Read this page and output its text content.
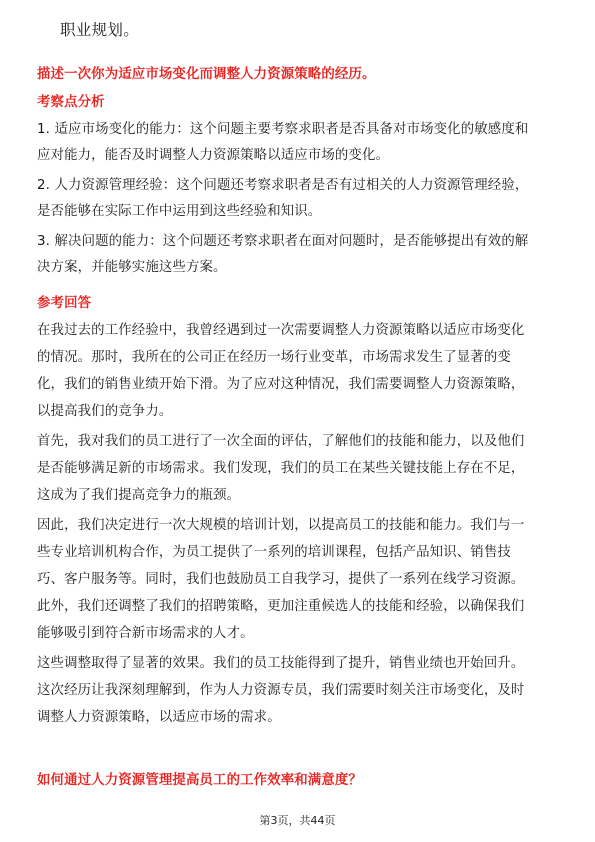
职业规划。
描述一次你为适应市场变化而调整人力资源策略的经历。
考察点分析
1. 适应市场变化的能力：这个问题主要考察求职者是否具备对市场变化的敏感度和
应对能力，能否及时调整人力资源策略以适应市场的变化。
2. 人力资源管理经验：这个问题还考察求职者是否有过相关的人力资源管理经验，
是否能够在实际工作中运用到这些经验和知识。
3. 解决问题的能力：这个问题还考察求职者在面对问题时，是否能够提出有效的解
决方案，并能够实施这些方案。
参考回答
在我过去的工作经验中，我曾经遇到过一次需要调整人力资源策略以适应市场变化
的情况。那时，我所在的公司正在经历一场行业变革，市场需求发生了显著的变
化，我们的销售业绩开始下滑。为了应对这种情况，我们需要调整人力资源策略，
以提高我们的竞争力。
首先，我对我们的员工进行了一次全面的评估，了解他们的技能和能力，以及他们
是否能够满足新的市场需求。我们发现，我们的员工在某些关键技能上存在不足，
这成为了我们提高竞争力的瓶颈。
因此，我们决定进行一次大规模的培训计划，以提高员工的技能和能力。我们与一
些专业培训机构合作，为员工提供了一系列的培训课程，包括产品知识、销售技
巧、客户服务等。同时，我们也鼓励员工自我学习，提供了一系列在线学习资源。
此外，我们还调整了我们的招聘策略，更加注重候选人的技能和经验，以确保我们
能够吸引到符合新市场需求的人才。
这些调整取得了显著的效果。我们的员工技能得到了提升，销售业绩也开始回升。
这次经历让我深刻理解到，作为人力资源专员，我们需要时刻关注市场变化，及时
调整人力资源策略，以适应市场的需求。
如何通过人力资源管理提高员工的工作效率和满意度？
第3页，共44页
